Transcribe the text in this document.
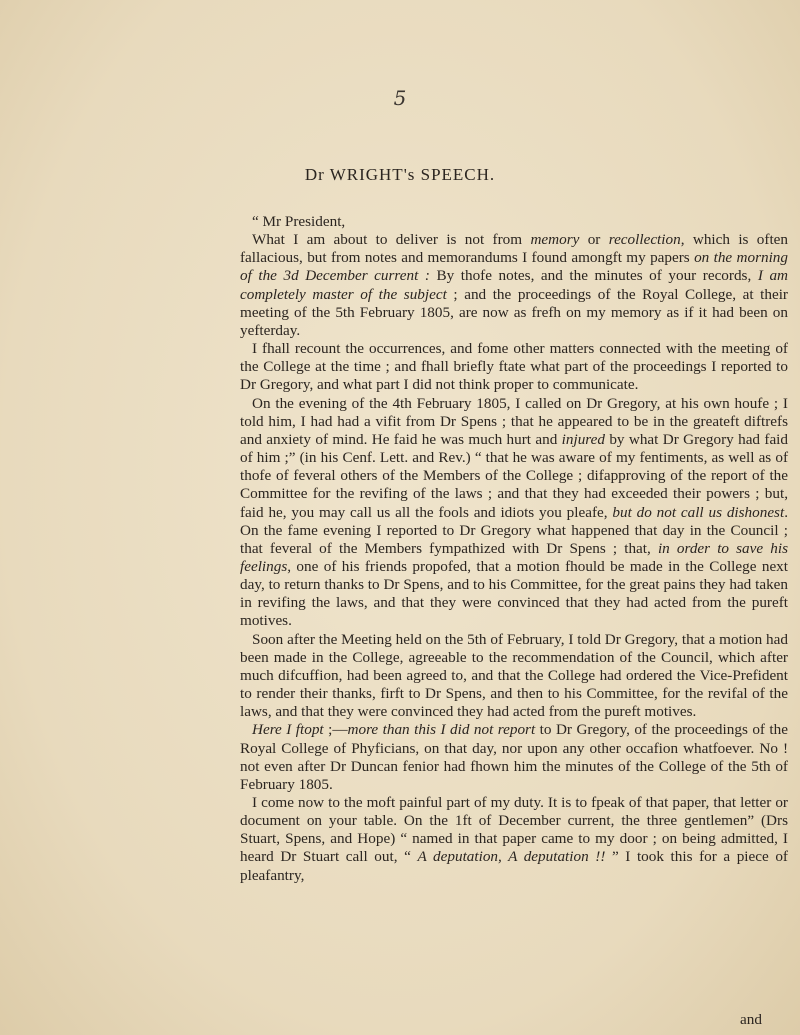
5
Dr WRIGHT's SPEECH.

“ Mr President,

What I am about to deliver is not from memory or recollection, which is often fallacious, but from notes and memorandums I found amongft my papers on the morning of the 3d December current : By thofe notes, and the minutes of your records, I am completely master of the subject ; and the proceedings of the Royal College, at their meeting of the 5th February 1805, are now as frefh on my memory as if it had been on yefterday.

I fhall recount the occurrences, and fome other matters connected with the meeting of the College at the time ; and fhall briefly ftate what part of the proceedings I reported to Dr Gregory, and what part I did not think proper to communicate.

On the evening of the 4th February 1805, I called on Dr Gregory, at his own houfe ; I told him, I had had a vifit from Dr Spens ; that he appeared to be in the greateft diftrefs and anxiety of mind. He faid he was much hurt and injured by what Dr Gregory had faid of him ;” (in his Cenf. Lett. and Rev.) “ that he was aware of my fentiments, as well as of thofe of feveral others of the Members of the College ; difapproving of the report of the Committee for the revifing of the laws ; and that they had exceeded their powers ; but, faid he, you may call us all the fools and idiots you pleafe, but do not call us dishonest. On the fame evening I reported to Dr Gregory what happened that day in the Council ; that feveral of the Members fympathized with Dr Spens ; that, in order to save his feelings, one of his friends propofed, that a motion fhould be made in the College next day, to return thanks to Dr Spens, and to his Committee, for the great pains they had taken in revifing the laws, and that they were convinced that they had acted from the pureft motives.

Soon after the Meeting held on the 5th of February, I told Dr Gregory, that a motion had been made in the College, agreeable to the recommendation of the Council, which after much difcuffion, had been agreed to, and that the College had ordered the Vice-Prefident to render their thanks, firft to Dr Spens, and then to his Committee, for the revifal of the laws, and that they were convinced they had acted from the pureft motives.

Here I ftopt ;—more than this I did not report to Dr Gregory, of the proceedings of the Royal College of Phyficians, on that day, nor upon any other occafion whatfoever. No ! not even after Dr Duncan fenior had fhown him the minutes of the College of the 5th of February 1805.

I come now to the moft painful part of my duty. It is to fpeak of that paper, that letter or document on your table. On the 1ft of December current, the three gentlemen” (Drs Stuart, Spens, and Hope) “ named in that paper came to my door ; on being admitted, I heard Dr Stuart call out, “ A deputation, A deputation !! ” I took this for a piece of pleafantry,

and
